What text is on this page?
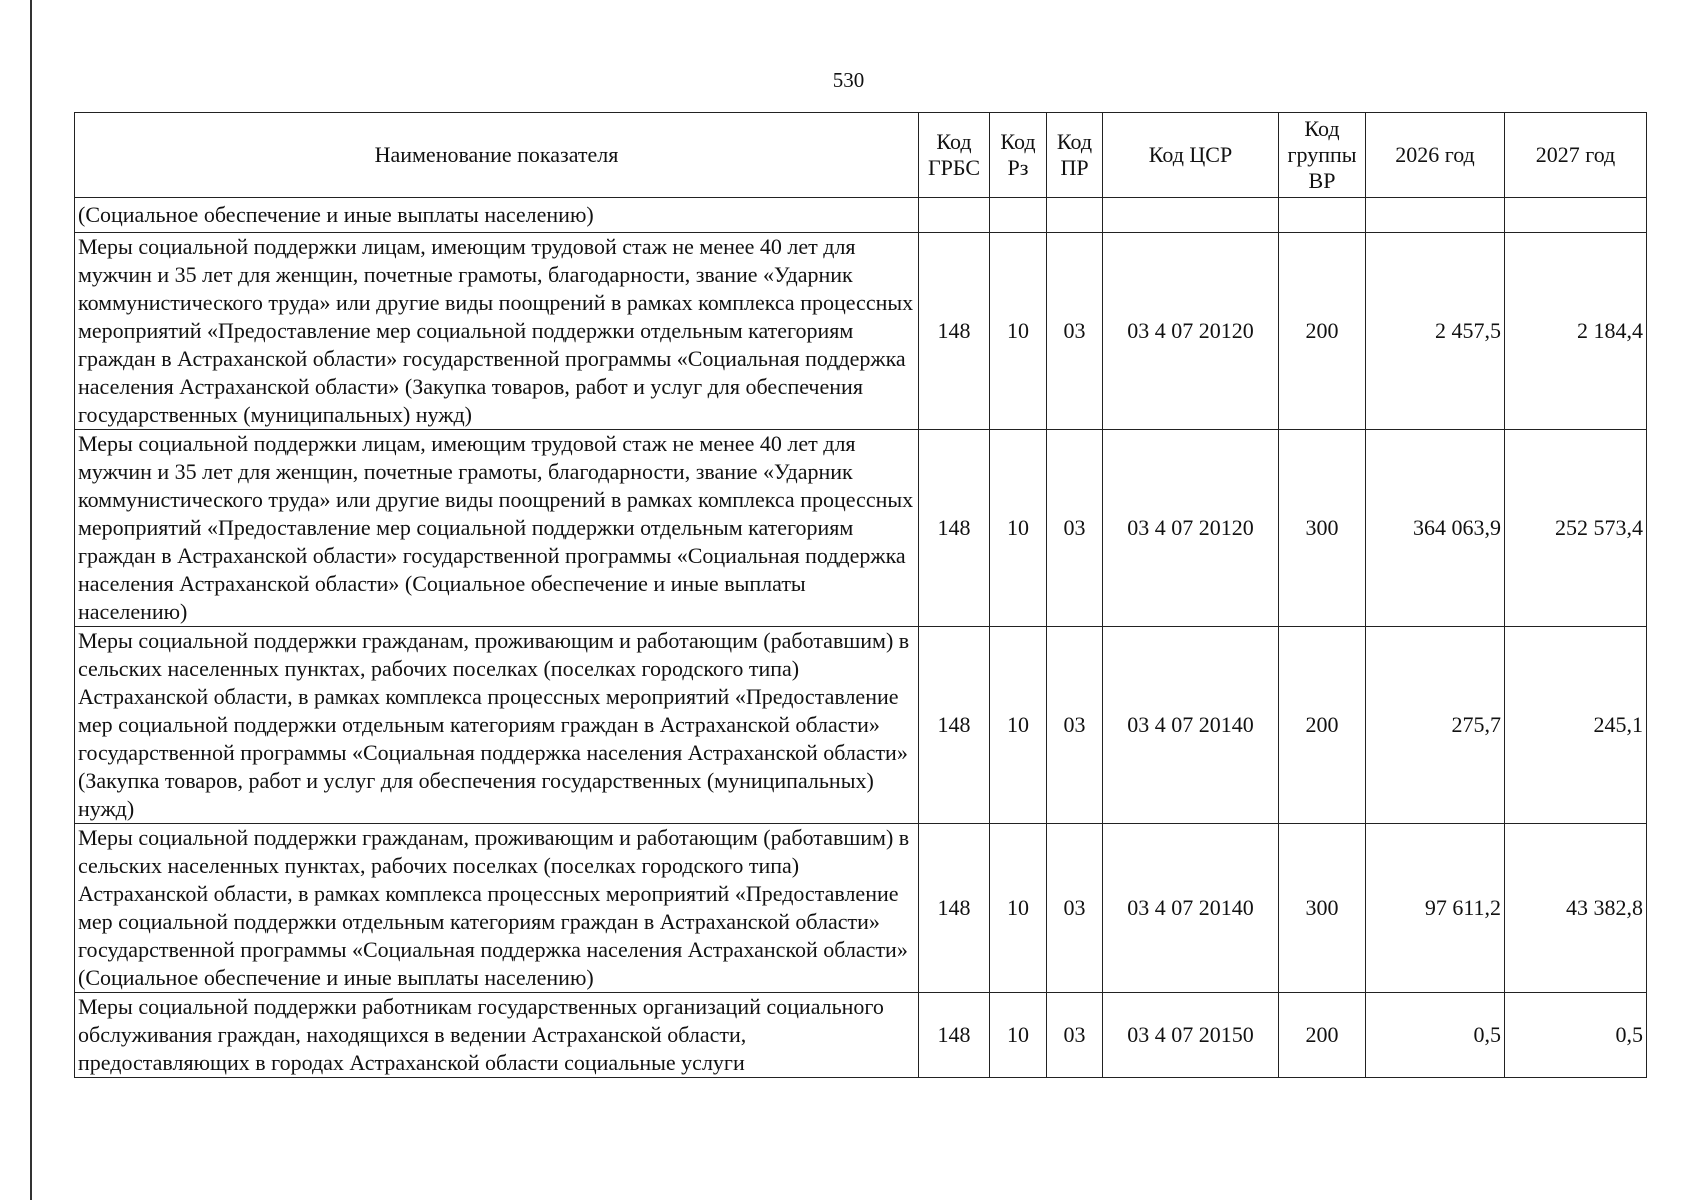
530
Наименование показателя	Код ГРБС	Код Рз	Код ПР	Код ЦСР	Код группы ВР	2026 год	2027 год
(Социальное обеспечение и иные выплаты населению)							
Меры социальной поддержки лицам, имеющим трудовой стаж не менее 40 лет для мужчин и 35 лет для женщин, почетные грамоты, благодарности, звание «Ударник коммунистического труда» или другие виды поощрений в рамках комплекса процессных мероприятий «Предоставление мер социальной поддержки отдельным категориям граждан в Астраханской области» государственной программы «Социальная поддержка населения Астраханской области» (Закупка товаров, работ и услуг для обеспечения государственных (муниципальных) нужд)	148	10	03	03 4 07 20120	200	2 457,5	2 184,4
Меры социальной поддержки лицам, имеющим трудовой стаж не менее 40 лет для мужчин и 35 лет для женщин, почетные грамоты, благодарности, звание «Ударник коммунистического труда» или другие виды поощрений в рамках комплекса процессных мероприятий «Предоставление мер социальной поддержки отдельным категориям граждан в Астраханской области» государственной программы «Социальная поддержка населения Астраханской области» (Социальное обеспечение и иные выплаты населению)	148	10	03	03 4 07 20120	300	364 063,9	252 573,4
Меры социальной поддержки гражданам, проживающим и работающим (работавшим) в сельских населенных пунктах, рабочих поселках (поселках городского типа) Астраханской области, в рамках комплекса процессных мероприятий «Предоставление мер социальной поддержки отдельным категориям граждан в Астраханской области» государственной программы «Социальная поддержка населения Астраханской области» (Закупка товаров, работ и услуг для обеспечения государственных (муниципальных) нужд)	148	10	03	03 4 07 20140	200	275,7	245,1
Меры социальной поддержки гражданам, проживающим и работающим (работавшим) в сельских населенных пунктах, рабочих поселках (поселках городского типа) Астраханской области, в рамках комплекса процессных мероприятий «Предоставление мер социальной поддержки отдельным категориям граждан в Астраханской области» государственной программы «Социальная поддержка населения Астраханской области» (Социальное обеспечение и иные выплаты населению)	148	10	03	03 4 07 20140	300	97 611,2	43 382,8
Меры социальной поддержки работникам государственных организаций социального обслуживания граждан, находящихся в ведении Астраханской области, предоставляющих в городах Астраханской области социальные услуги	148	10	03	03 4 07 20150	200	0,5	0,5
